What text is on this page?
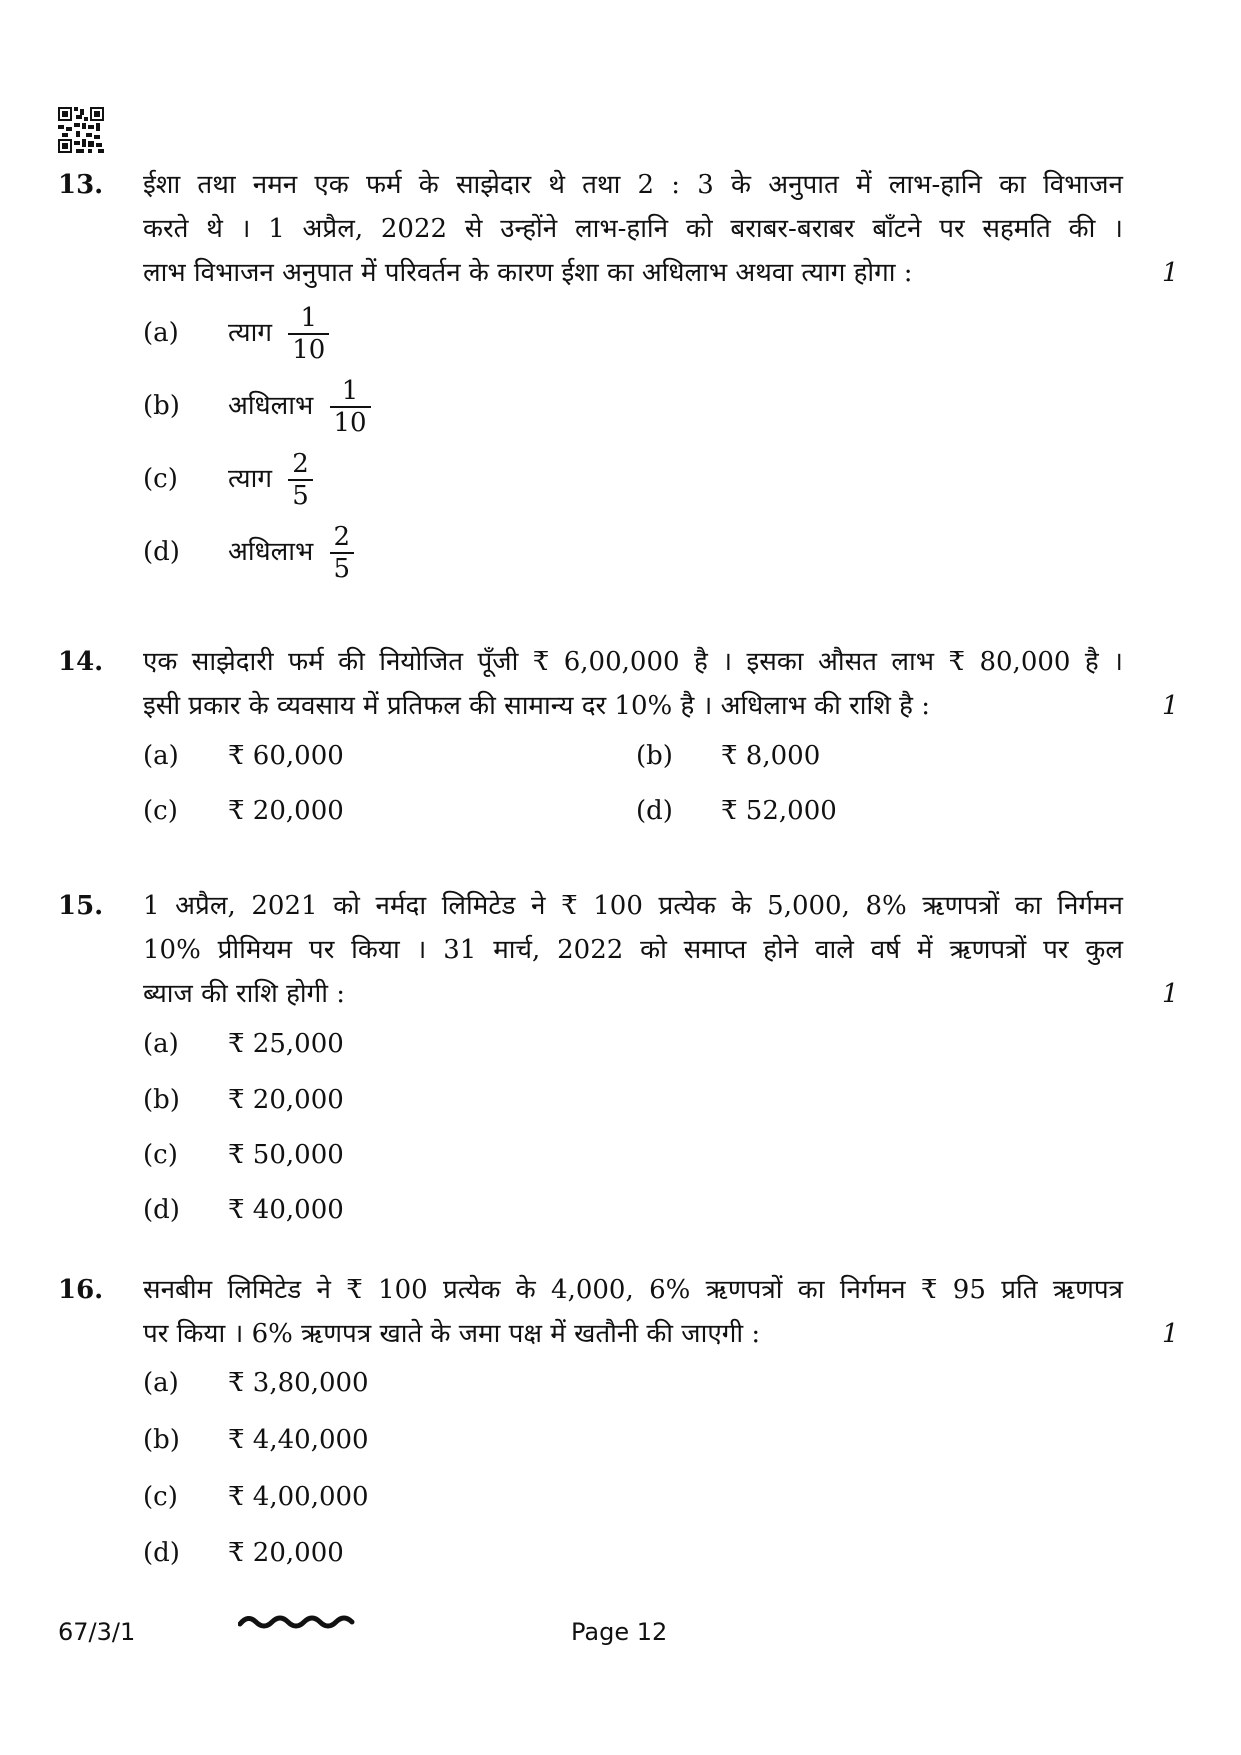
13. ईशा तथा नमन एक फर्म के साझेदार थे तथा 2 : 3 के अनुपात में लाभ-हानि का विभाजन
करते थे । 1 अप्रैल, 2022 से उन्होंने लाभ-हानि को बराबर-बराबर बाँटने पर सहमति की ।
लाभ विभाजन अनुपात में परिवर्तन के कारण ईशा का अधिलाभ अथवा त्याग होगा :	1
(a) त्याग $\frac{1}{10}$
(b) अधिलाभ $\frac{1}{10}$
(c) त्याग $\frac{2}{5}$
(d) अधिलाभ $\frac{2}{5}$
14. एक साझेदारी फर्म की नियोजित पूँजी ₹ 6,00,000 है । इसका औसत लाभ ₹ 80,000 है ।
इसी प्रकार के व्यवसाय में प्रतिफल की सामान्य दर 10% है । अधिलाभ की राशि है :	1
(a) ₹ 60,000	(b) ₹ 8,000
(c) ₹ 20,000	(d) ₹ 52,000
15. 1 अप्रैल, 2021 को नर्मदा लिमिटेड ने ₹ 100 प्रत्येक के 5,000, 8% ऋणपत्रों का निर्गमन
10% प्रीमियम पर किया । 31 मार्च, 2022 को समाप्त होने वाले वर्ष में ऋणपत्रों पर कुल
ब्याज की राशि होगी :	1
(a) ₹ 25,000
(b) ₹ 20,000
(c) ₹ 50,000
(d) ₹ 40,000
16. सनबीम लिमिटेड ने ₹ 100 प्रत्येक के 4,000, 6% ऋणपत्रों का निर्गमन ₹ 95 प्रति ऋणपत्र
पर किया । 6% ऋणपत्र खाते के जमा पक्ष में खतौनी की जाएगी :	1
(a) ₹ 3,80,000
(b) ₹ 4,40,000
(c) ₹ 4,00,000
(d) ₹ 20,000
67/3/1	Page 12
